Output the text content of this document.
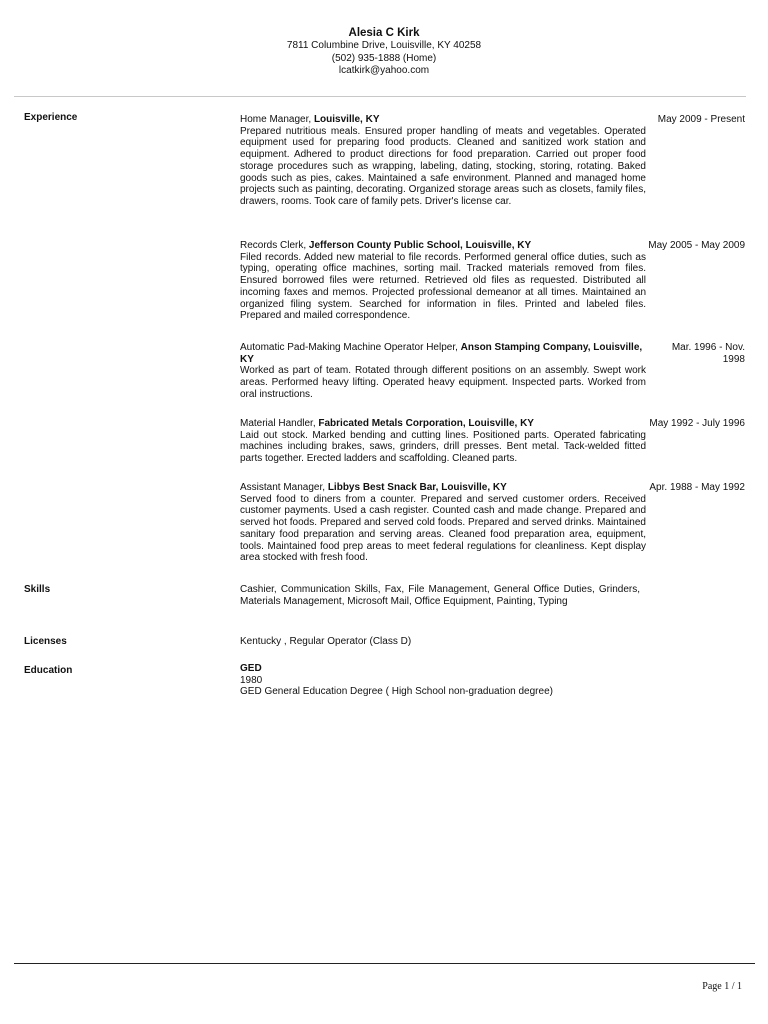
Alesia C Kirk
7811 Columbine Drive, Louisville, KY 40258
(502) 935-1888 (Home)
lcatkirk@yahoo.com
Experience	Home Manager, Louisville, KY
Prepared nutritious meals. Ensured proper handling of meats and vegetables. Operated equipment used for preparing food products. Cleaned and sanitized work station and equipment. Adhered to product directions for food preparation. Carried out proper food storage procedures such as wrapping, labeling, dating, stocking, storing, rotating. Baked goods such as pies, cakes. Maintained a safe environment. Planned and managed home projects such as painting, decorating. Organized storage areas such as closets, family files, drawers, rooms. Took care of family pets. Driver's license car.
May 2009 - Present
Records Clerk, Jefferson County Public School, Louisville, KY
Filed records. Added new material to file records. Performed general office duties, such as typing, operating office machines, sorting mail. Tracked materials removed from files. Ensured borrowed files were returned. Retrieved old files as requested. Distributed all incoming faxes and memos. Projected professional demeanor at all times. Maintained an organized filing system. Searched for information in files. Printed and labeled files. Prepared and mailed correspondence.
May 2005 - May 2009
Automatic Pad-Making Machine Operator Helper, Anson Stamping Company, Louisville, KY
Worked as part of team. Rotated through different positions on an assembly. Swept work areas. Performed heavy lifting. Operated heavy equipment. Inspected parts. Worked from oral instructions.
Mar. 1996 - Nov. 1998
Material Handler, Fabricated Metals Corporation, Louisville, KY
Laid out stock. Marked bending and cutting lines. Positioned parts. Operated fabricating machines including brakes, saws, grinders, drill presses. Bent metal. Tack-welded fitted parts together. Erected ladders and scaffolding. Cleaned parts.
May 1992 - July 1996
Assistant Manager, Libbys Best Snack Bar, Louisville, KY
Served food to diners from a counter. Prepared and served customer orders. Received customer payments. Used a cash register. Counted cash and made change. Prepared and served hot foods. Prepared and served cold foods. Prepared and served drinks. Maintained sanitary food preparation and serving areas. Cleaned food preparation area, equipment, tools. Maintained food prep areas to meet federal regulations for cleanliness. Kept display area stocked with fresh food.
Apr. 1988 - May 1992
Skills	Cashier, Communication Skills, Fax, File Management, General Office Duties, Grinders, Materials Management, Microsoft Mail, Office Equipment, Painting, Typing
Licenses	Kentucky , Regular Operator (Class D)
Education	GED
1980
GED General Education Degree ( High School non-graduation degree)
Page 1 / 1
